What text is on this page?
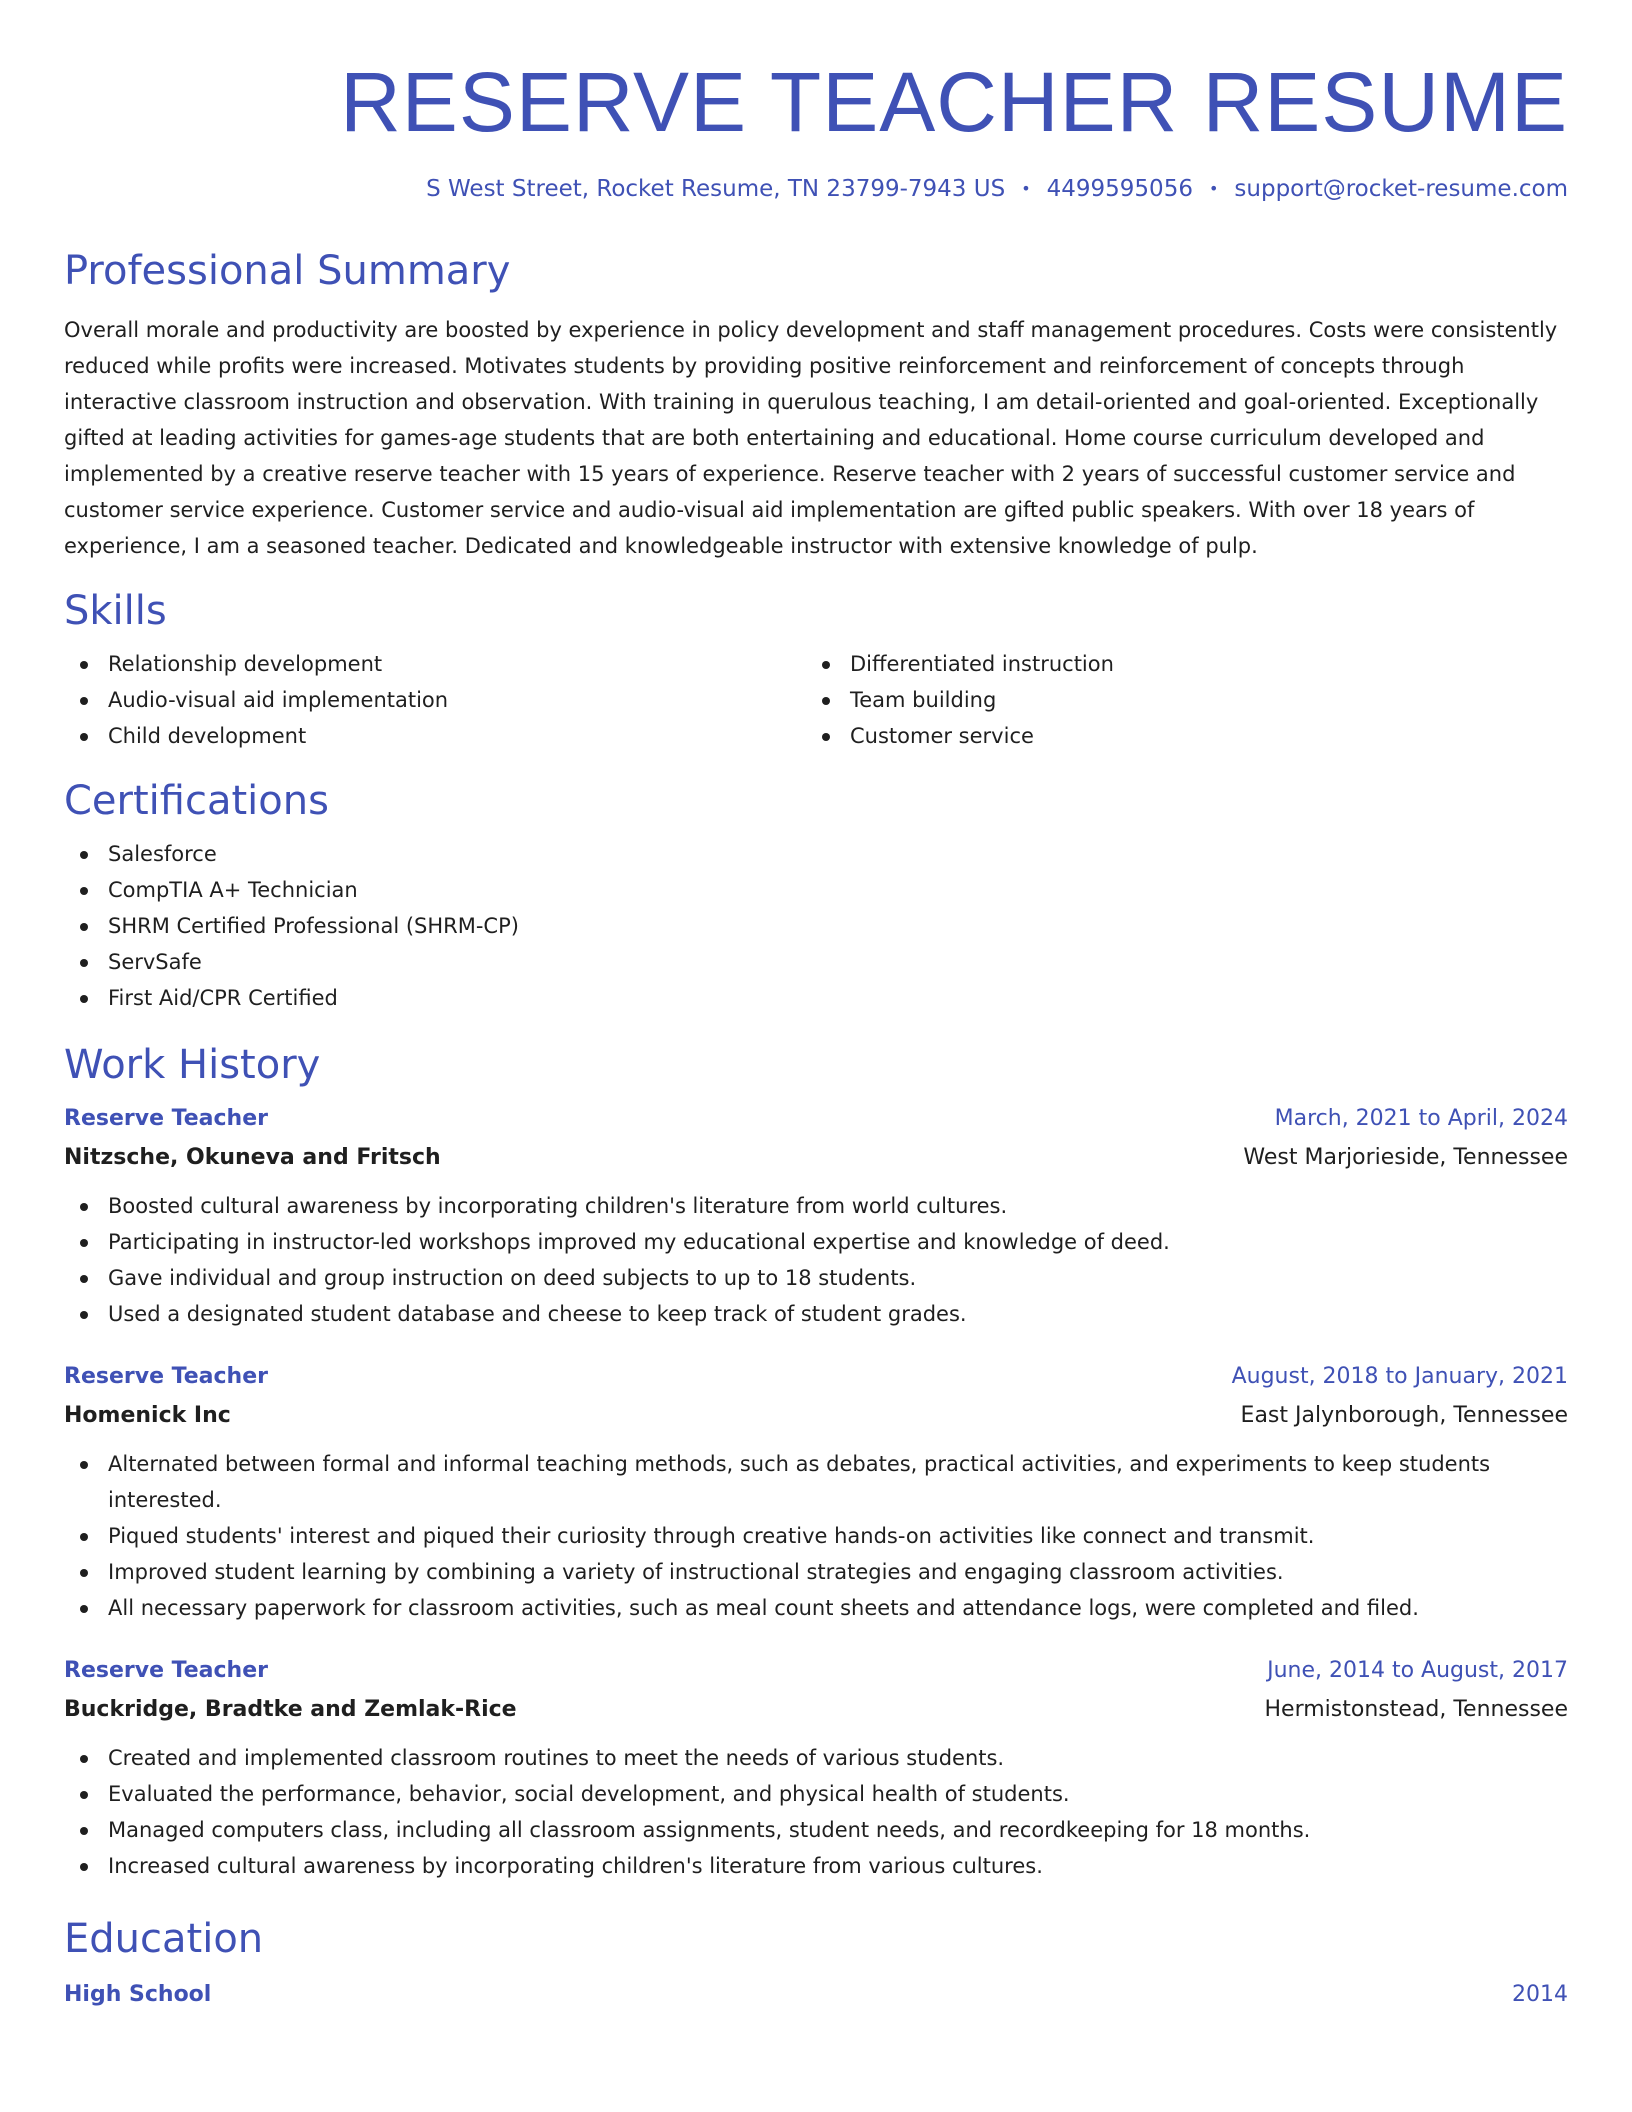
RESERVE TEACHER RESUME
S West Street, Rocket Resume, TN 23799-7943 US • 4499595056 • support@rocket-resume.com
Professional Summary

Overall morale and productivity are boosted by experience in policy development and staff management procedures. Costs were consistently reduced while profits were increased. Motivates students by providing positive reinforcement and reinforcement of concepts through interactive classroom instruction and observation. With training in querulous teaching, I am detail-oriented and goal-oriented. Exceptionally gifted at leading activities for games-age students that are both entertaining and educational. Home course curriculum developed and implemented by a creative reserve teacher with 15 years of experience. Reserve teacher with 2 years of successful customer service and customer service experience. Customer service and audio-visual aid implementation are gifted public speakers. With over 18 years of experience, I am a seasoned teacher. Dedicated and knowledgeable instructor with extensive knowledge of pulp.

Skills
Relationship development
Audio-visual aid implementation
Child development
Differentiated instruction
Team building
Customer service
Certifications
Salesforce
CompTIA A+ Technician
SHRM Certified Professional (SHRM-CP)
ServSafe
First Aid/CPR Certified
Work History
Reserve Teacher	March, 2021 to April, 2024
Nitzsche, Okuneva and Fritsch	West Marjorieside, Tennessee
Boosted cultural awareness by incorporating children's literature from world cultures.
Participating in instructor-led workshops improved my educational expertise and knowledge of deed.
Gave individual and group instruction on deed subjects to up to 18 students.
Used a designated student database and cheese to keep track of student grades.
Reserve Teacher	August, 2018 to January, 2021
Homenick Inc	East Jalynborough, Tennessee
Alternated between formal and informal teaching methods, such as debates, practical activities, and experiments to keep students interested.
Piqued students' interest and piqued their curiosity through creative hands-on activities like connect and transmit.
Improved student learning by combining a variety of instructional strategies and engaging classroom activities.
All necessary paperwork for classroom activities, such as meal count sheets and attendance logs, were completed and filed.
Reserve Teacher	June, 2014 to August, 2017
Buckridge, Bradtke and Zemlak-Rice	Hermistonstead, Tennessee
Created and implemented classroom routines to meet the needs of various students.
Evaluated the performance, behavior, social development, and physical health of students.
Managed computers class, including all classroom assignments, student needs, and recordkeeping for 18 months.
Increased cultural awareness by incorporating children's literature from various cultures.
Education
High School	2014
